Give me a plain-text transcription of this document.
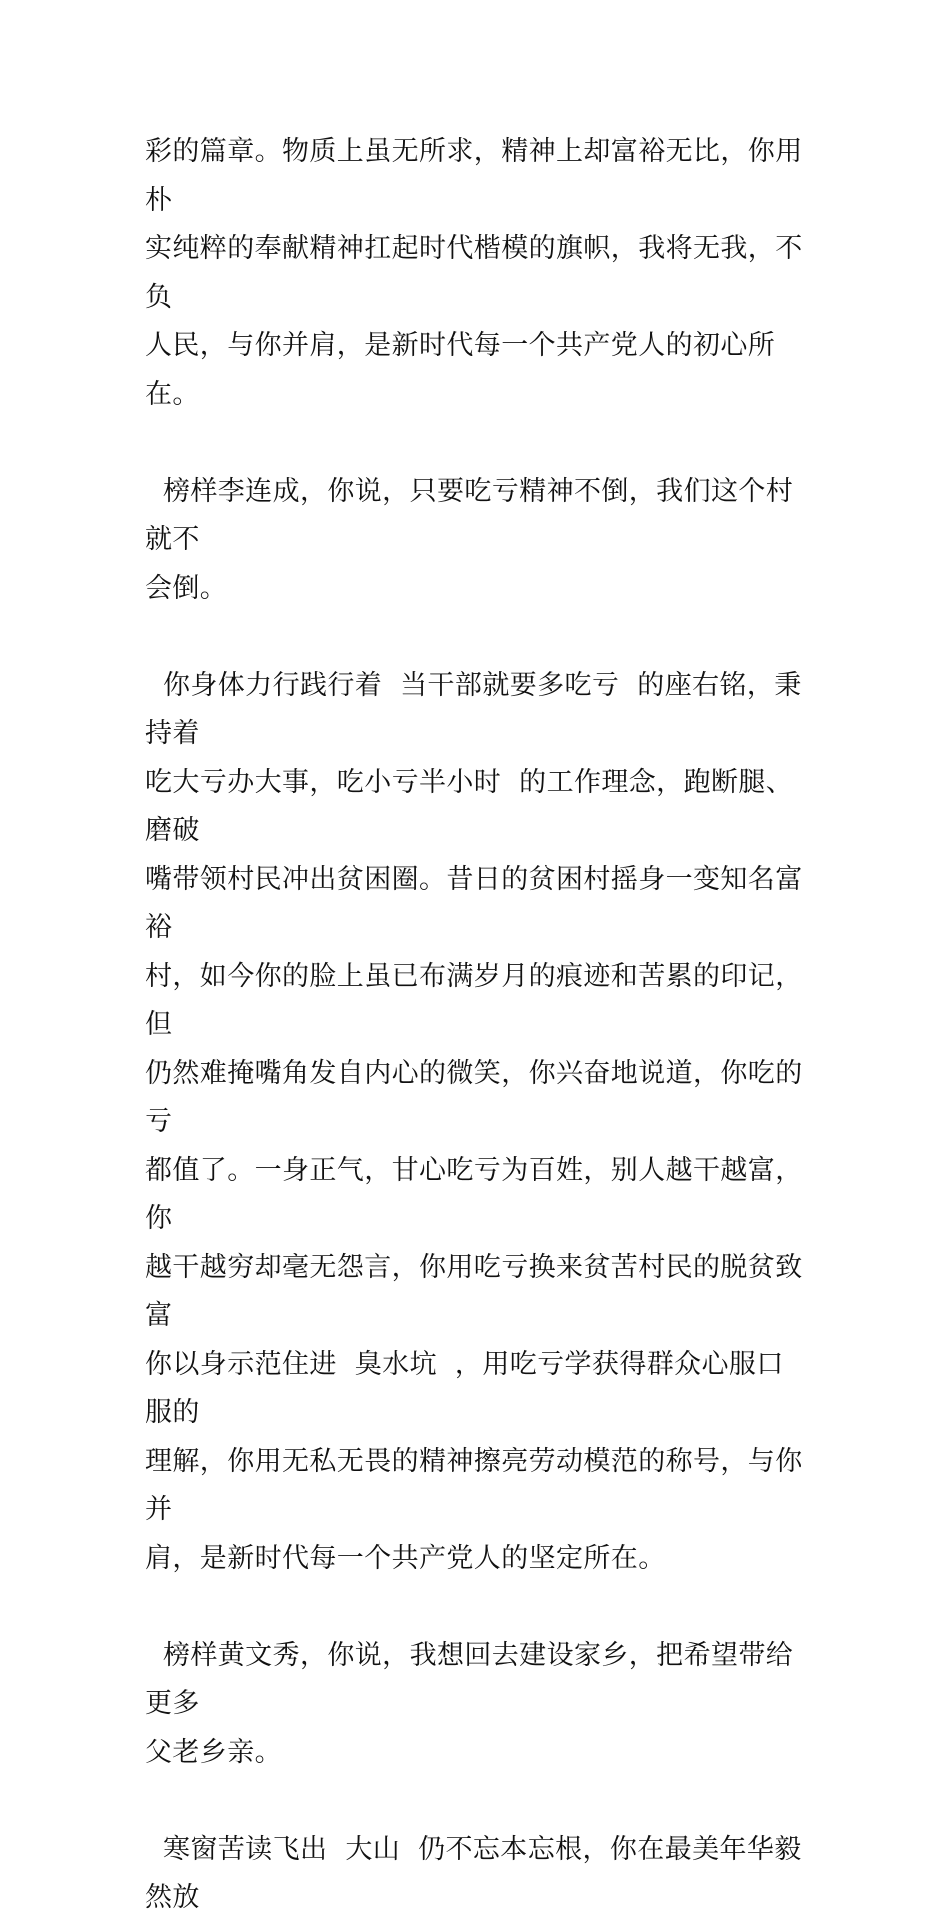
彩的篇章。物质上虽无所求，精神上却富裕无比，你用朴
实纯粹的奉献精神扛起时代楷模的旗帜，我将无我，不负
人民，与你并肩，是新时代每一个共产党人的初心所在。

榜样李连成，你说，只要吃亏精神不倒，我们这个村就不
会倒。

你身体力行践行着  当干部就要多吃亏  的座右铭，秉持着
吃大亏办大事，吃小亏半小时  的工作理念，跑断腿、磨破
嘴带领村民冲出贫困圈。昔日的贫困村摇身一变知名富裕
村，如今你的脸上虽已布满岁月的痕迹和苦累的印记，但
仍然难掩嘴角发自内心的微笑，你兴奋地说道，你吃的亏
都值了。一身正气，甘心吃亏为百姓，别人越干越富，你
越干越穷却毫无怨言，你用吃亏换来贫苦村民的脱贫致富
你以身示范住进  臭水坑  ，用吃亏学获得群众心服口服的
理解，你用无私无畏的精神擦亮劳动模范的称号，与你并
肩，是新时代每一个共产党人的坚定所在。

榜样黄文秀，你说，我想回去建设家乡，把希望带给更多
父老乡亲。

寒窗苦读飞出  大山  仍不忘本忘根，你在最美年华毅然放
